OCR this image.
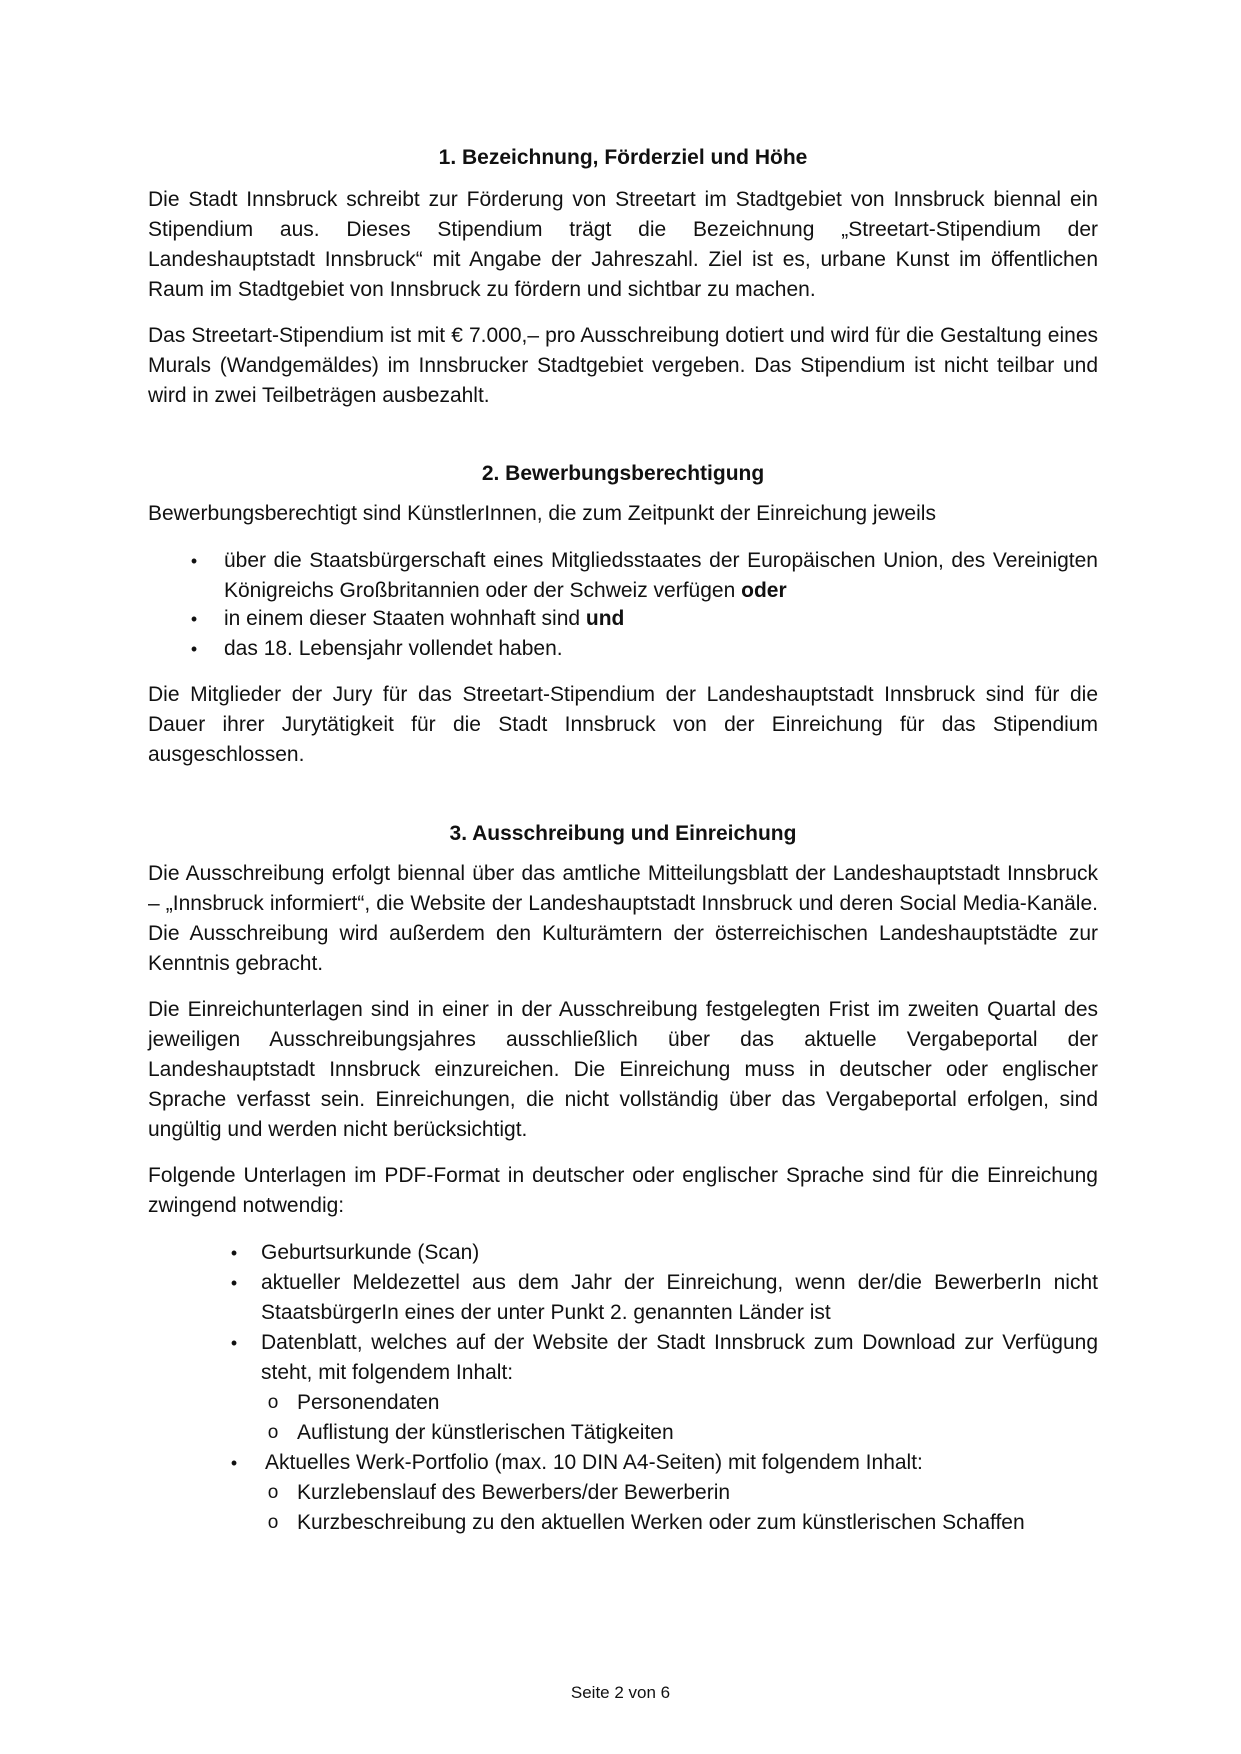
1. Bezeichnung, Förderziel und Höhe

Die Stadt Innsbruck schreibt zur Förderung von Streetart im Stadtgebiet von Innsbruck biennal ein Stipendium aus. Dieses Stipendium trägt die Bezeichnung „Streetart-Stipendium der Landeshauptstadt Innsbruck“ mit Angabe der Jahreszahl. Ziel ist es, urbane Kunst im öffentlichen Raum im Stadtgebiet von Innsbruck zu fördern und sichtbar zu machen.

Das Streetart-Stipendium ist mit € 7.000,– pro Ausschreibung dotiert und wird für die Gestaltung eines Murals (Wandgemäldes) im Innsbrucker Stadtgebiet vergeben. Das Stipendium ist nicht teilbar und wird in zwei Teilbeträgen ausbezahlt.

2. Bewerbungsberechtigung

Bewerbungsberechtigt sind KünstlerInnen, die zum Zeitpunkt der Einreichung jeweils

•	über die Staatsbürgerschaft eines Mitgliedsstaates der Europäischen Union, des Vereinigten Königreichs Großbritannien oder der Schweiz verfügen oder
•	in einem dieser Staaten wohnhaft sind und
•	das 18. Lebensjahr vollendet haben.

Die Mitglieder der Jury für das Streetart-Stipendium der Landeshauptstadt Innsbruck sind für die Dauer ihrer Jurytätigkeit für die Stadt Innsbruck von der Einreichung für das Stipendium ausgeschlossen.

3. Ausschreibung und Einreichung

Die Ausschreibung erfolgt biennal über das amtliche Mitteilungsblatt der Landeshauptstadt Innsbruck – „Innsbruck informiert“, die Website der Landeshauptstadt Innsbruck und deren Social Media-Kanäle. Die Ausschreibung wird außerdem den Kulturämtern der österreichischen Landeshauptstädte zur Kenntnis gebracht.

Die Einreichunterlagen sind in einer in der Ausschreibung festgelegten Frist im zweiten Quartal des jeweiligen Ausschreibungsjahres ausschließlich über das aktuelle Vergabeportal der Landeshauptstadt Innsbruck einzureichen. Die Einreichung muss in deutscher oder englischer Sprache verfasst sein. Einreichungen, die nicht vollständig über das Vergabeportal erfolgen, sind ungültig und werden nicht berücksichtigt.

Folgende Unterlagen im PDF-Format in deutscher oder englischer Sprache sind für die Einreichung zwingend notwendig:

•	Geburtsurkunde (Scan)
•	aktueller Meldezettel aus dem Jahr der Einreichung, wenn der/die BewerberIn nicht StaatsbürgerIn eines der unter Punkt 2. genannten Länder ist
•	Datenblatt, welches auf der Website der Stadt Innsbruck zum Download zur Verfügung steht, mit folgendem Inhalt:
o Personendaten
o Auflistung der künstlerischen Tätigkeiten
•	Aktuelles Werk-Portfolio (max. 10 DIN A4-Seiten) mit folgendem Inhalt:
o Kurzlebenslauf des Bewerbers/der Bewerberin
o Kurzbeschreibung zu den aktuellen Werken oder zum künstlerischen Schaffen
Seite 2 von 6
